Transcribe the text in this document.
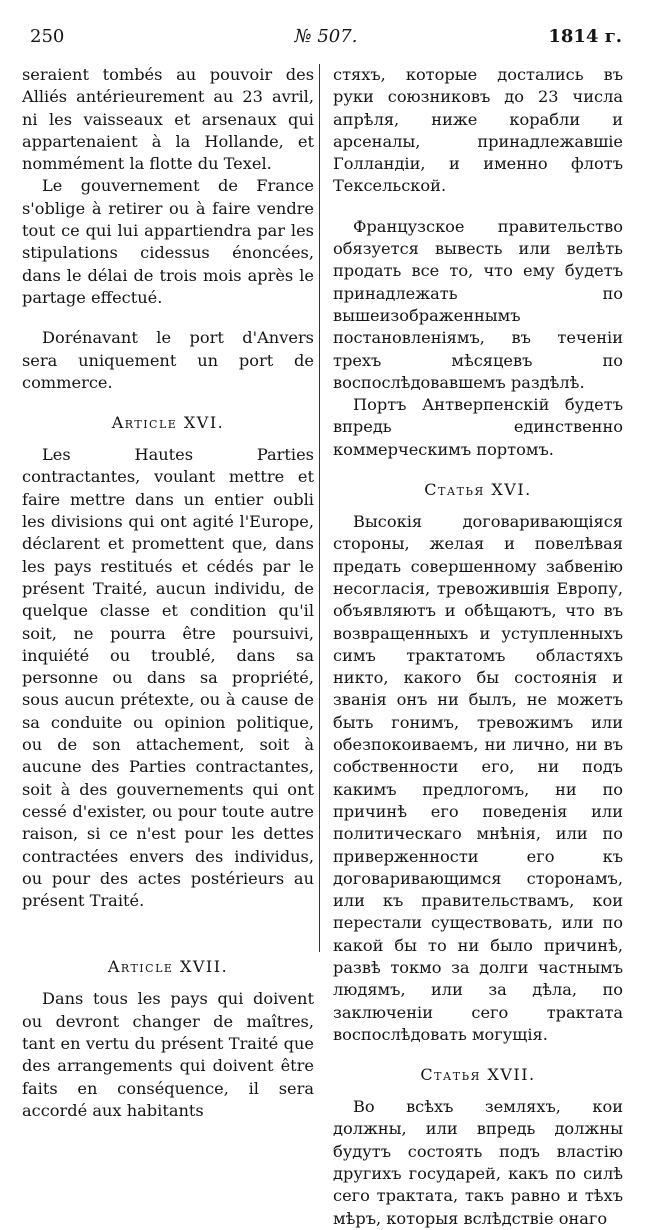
250	№ 507.	1814 г.

seraient tombés au pouvoir des Alliés antérieurement au 23 avril, ni les vaisseaux et arsenaux qui appartenaient à la Hollande, et nommément la flotte du Texel.

Le gouvernement de France s'oblige à retirer ou à faire vendre tout ce qui lui appartiendra par les stipulations cidessus énoncées, dans le délai de trois mois après le partage effectué.

Dorénavant le port d'Anvers sera uniquement un port de commerce.

Article XVI.

Les Hautes Parties contractantes, voulant mettre et faire mettre dans un entier oubli les divisions qui ont agité l'Europe, déclarent et promettent que, dans les pays restitués et cédés par le présent Traité, aucun individu, de quelque classe et condition qu'il soit, ne pourra être poursuivi, inquiété ou troublé, dans sa personne ou dans sa propriété, sous aucun prétexte, ou à cause de sa conduite ou opinion politique, ou de son attachement, soit à aucune des Parties contractantes, soit à des gouvernements qui ont cessé d'exister, ou pour toute autre raison, si ce n'est pour les dettes contractées envers des individus, ou pour des actes postérieurs au présent Traité.

Article XVII.

Dans tous les pays qui doivent ou devront changer de maîtres, tant en vertu du présent Traité que des arrangements qui doivent être faits en conséquence, il sera accordé aux habitants

стяхъ, которые достались въ руки союзниковъ до 23 числа апрѣля, ниже корабли и арсеналы, принадлежавшіе Голландіи, и именно флотъ Тексельской.

Французское правительство обязуется вывесть или велѣть продать все то, что ему будетъ принадлежать по вышеизображеннымъ постановленіямъ, въ теченіи трехъ мѣсяцевъ по воспослѣдовавшемъ раздѣлѣ.

Портъ Антверпенскій будетъ впредь единственно коммерческимъ портомъ.

Статья XVI.

Высокія договаривающіяся стороны, желая и повелѣвая предать совершенному забвенію несогласія, тревожившія Европу, объявляютъ и обѣщаютъ, что въ возвращенныхъ и уступленныхъ симъ трактатомъ областяхъ никто, какого бы состоянія и званія онъ ни былъ, не можетъ быть гонимъ, тревожимъ или обезпокоиваемъ, ни лично, ни въ собственности его, ни подъ какимъ предлогомъ, ни по причинѣ его поведенія или политическаго мнѣнія, или по приверженности его къ договаривающимся сторонамъ, или къ правительствамъ, кои перестали существовать, или по какой бы то ни было причинѣ, развѣ токмо за долги частнымъ людямъ, или за дѣла, по заключеніи сего трактата воспослѣдовать могущія.

Статья XVII.

Во всѣхъ земляхъ, кои должны, или впредь должны будутъ состоять подъ властію другихъ государей, какъ по силѣ сего трактата, такъ равно и тѣхъ мѣръ, которыя вслѣдствіе онаго
